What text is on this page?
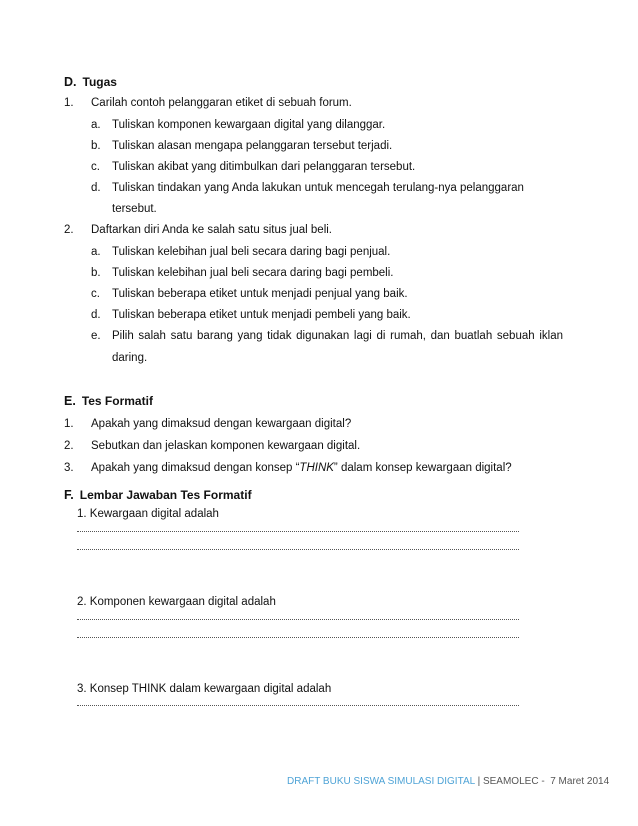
D. Tugas
1. Carilah contoh pelanggaran etiket di sebuah forum.
a. Tuliskan komponen kewargaan digital yang dilanggar.
b. Tuliskan alasan mengapa pelanggaran tersebut terjadi.
c. Tuliskan akibat yang ditimbulkan dari pelanggaran tersebut.
d. Tuliskan tindakan yang Anda lakukan untuk mencegah terulang-nya pelanggaran
tersebut.
2. Daftarkan diri Anda ke salah satu situs jual beli.
a. Tuliskan kelebihan jual beli secara daring bagi penjual.
b. Tuliskan kelebihan jual beli secara daring bagi pembeli.
c. Tuliskan beberapa etiket untuk menjadi penjual yang baik.
d. Tuliskan beberapa etiket untuk menjadi pembeli yang baik.
e. Pilih salah satu barang yang tidak digunakan lagi di rumah, dan buatlah sebuah iklan
daring.
E. Tes Formatif
1. Apakah yang dimaksud dengan kewargaan digital?
2. Sebutkan dan jelaskan komponen kewargaan digital.
3. Apakah yang dimaksud dengan konsep “THINK” dalam konsep kewargaan digital?
F. Lembar Jawaban Tes Formatif
1. Kewargaan digital adalah
2. Komponen kewargaan digital adalah
3. Konsep THINK dalam kewargaan digital adalah
DRAFT BUKU SISWA SIMULASI DIGITAL | SEAMOLEC - 7 Maret 2014
